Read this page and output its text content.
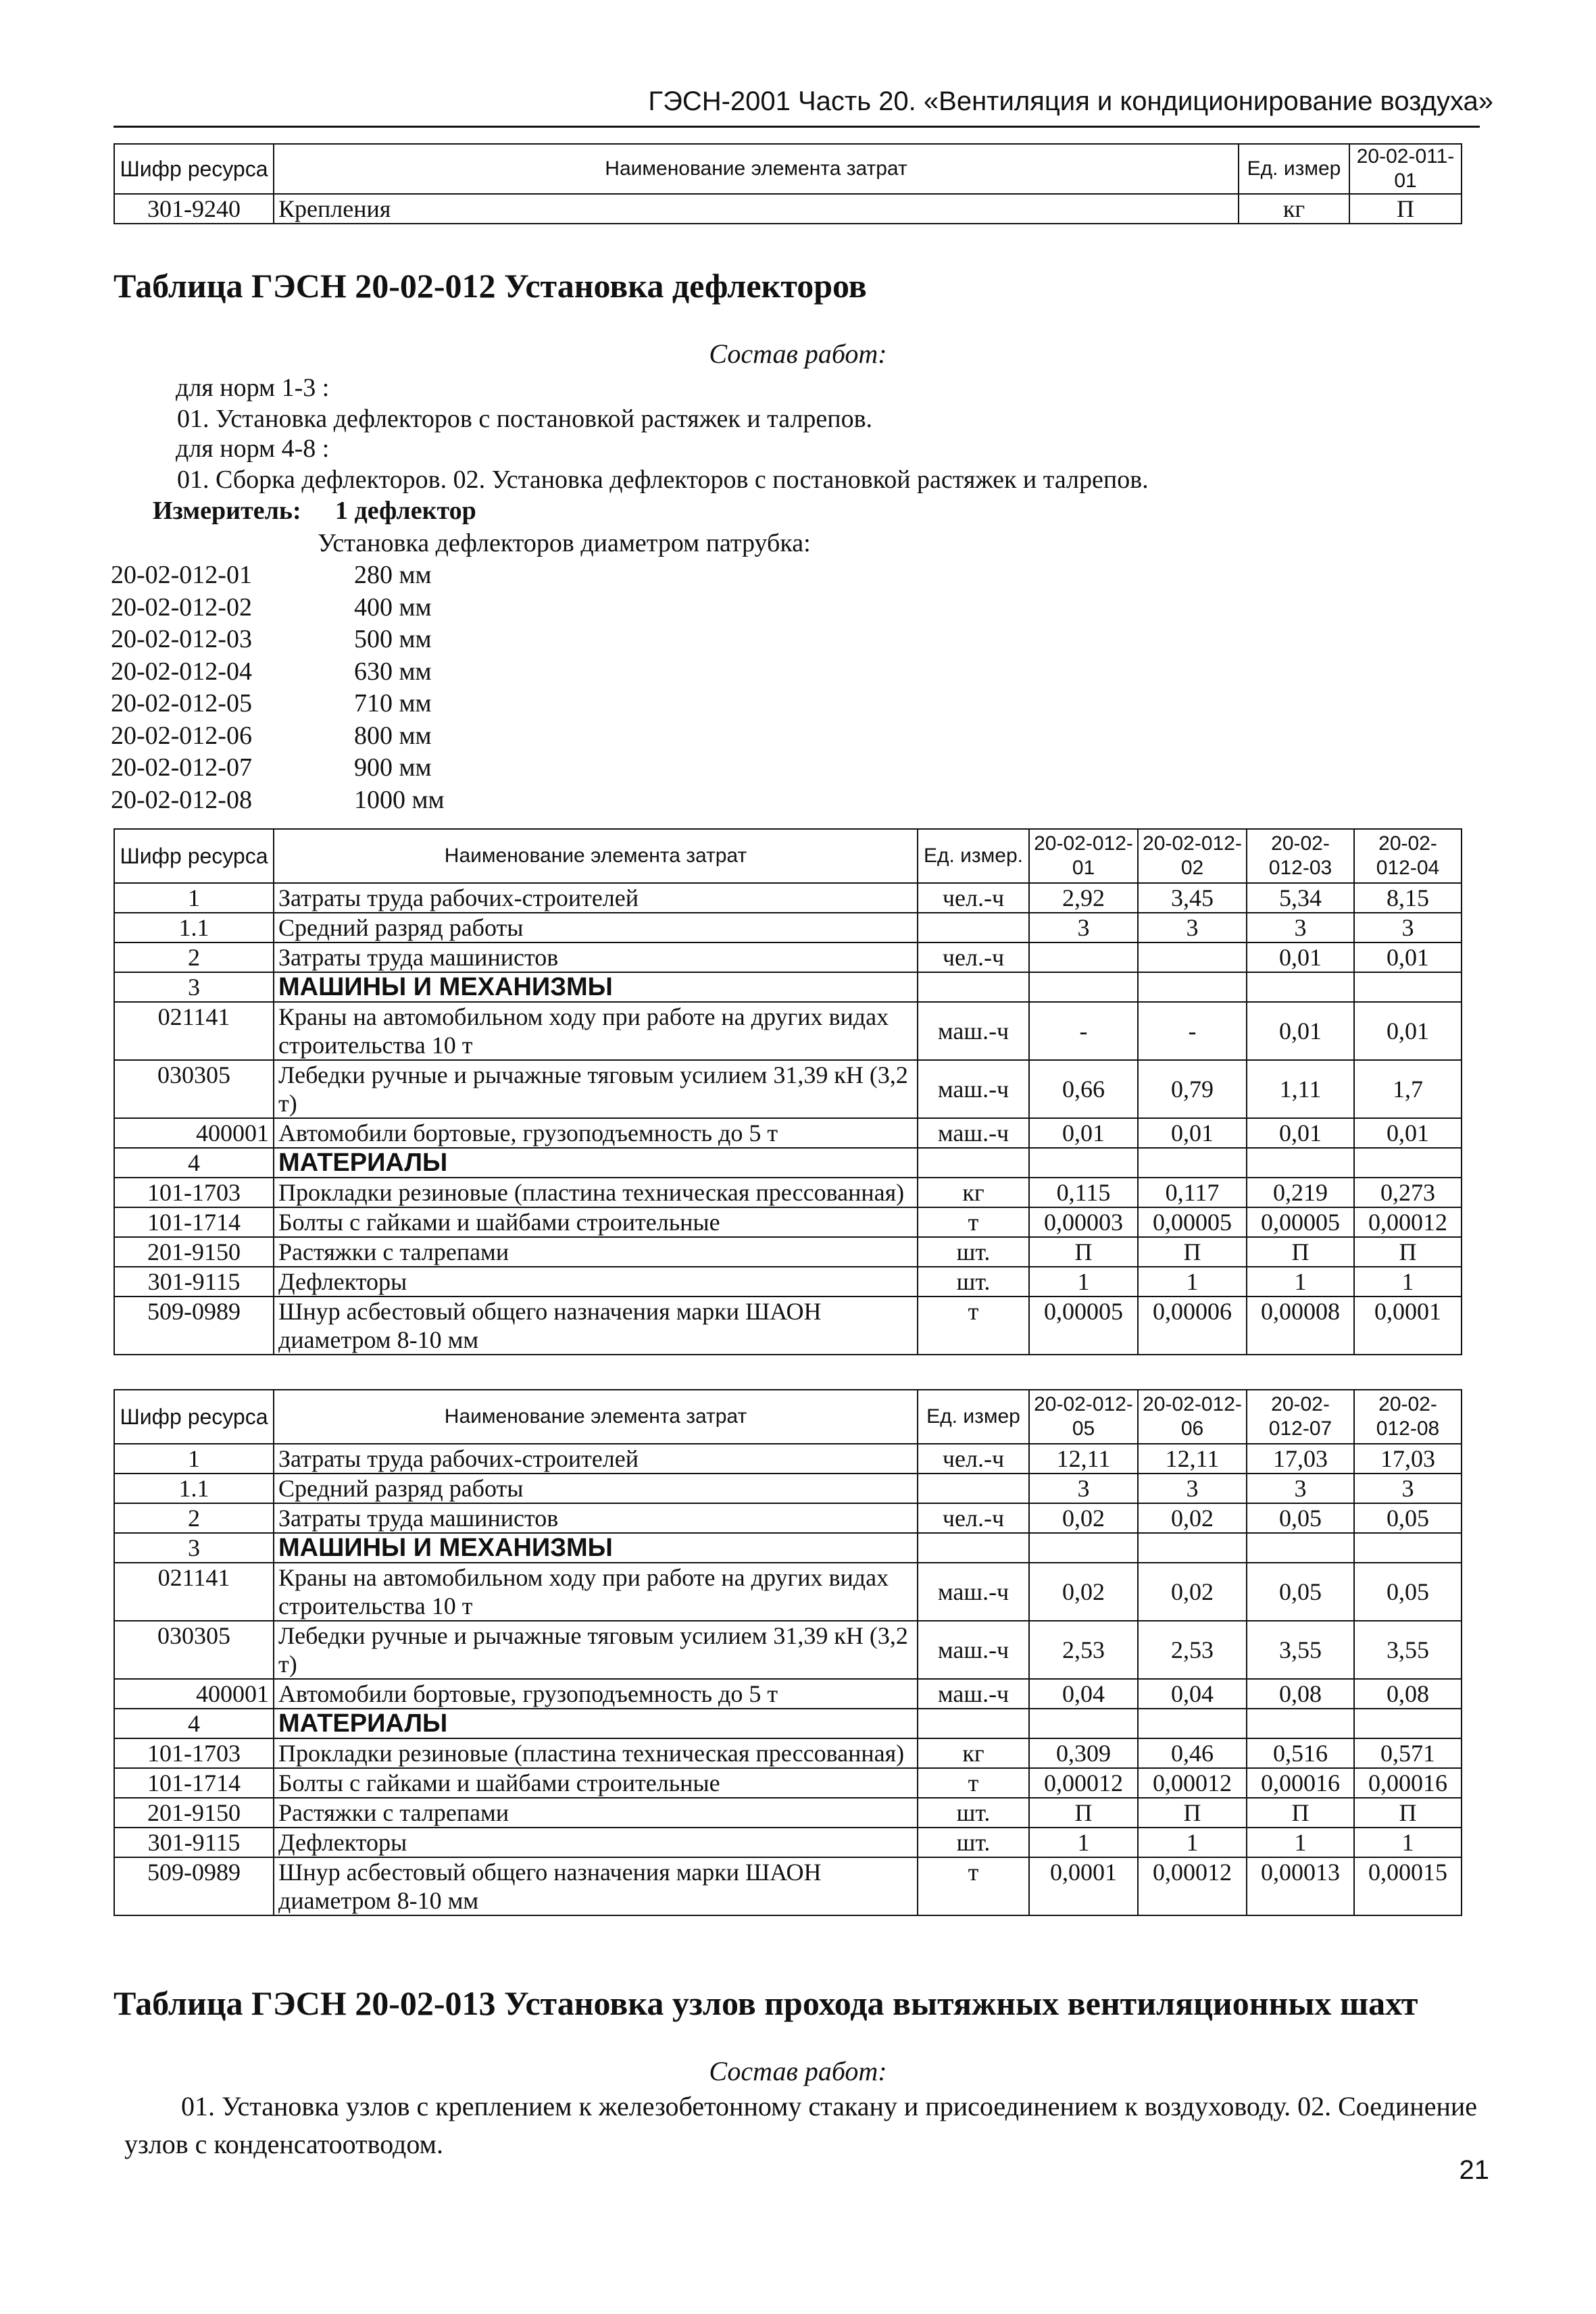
ГЭСН-2001 Часть 20. «Вентиляция и кондиционирование воздуха»
Шифр ресурса	Наименование элемента затрат	Ед. измер	20-02-011-01
301-9240	Крепления	кг	П
Таблица ГЭСН 20-02-012 Установка дефлекторов
Состав работ:
для норм 1-3 :
01. Установка дефлекторов с постановкой растяжек и талрепов.
для норм 4-8 :
01. Сборка дефлекторов. 02. Установка дефлекторов с постановкой растяжек и талрепов.
Измеритель: 1 дефлектор
Установка дефлекторов диаметром патрубка:
20-02-012-01	280 мм
20-02-012-02	400 мм
20-02-012-03	500 мм
20-02-012-04	630 мм
20-02-012-05	710 мм
20-02-012-06	800 мм
20-02-012-07	900 мм
20-02-012-08	1000 мм
Шифр ресурса	Наименование элемента затрат	Ед. измер.	20-02-012-01	20-02-012-02	20-02-012-03	20-02-012-04
1	Затраты труда рабочих-строителей	чел.-ч	2,92	3,45	5,34	8,15
1.1	Средний разряд работы		3	3	3	3
2	Затраты труда машинистов	чел.-ч			0,01	0,01
3	МАШИНЫ И МЕХАНИЗМЫ					
021141	Краны на автомобильном ходу при работе на других видах строительства 10 т	маш.-ч	-	-	0,01	0,01
030305	Лебедки ручные и рычажные тяговым усилием 31,39 кН (3,2 т)	маш.-ч	0,66	0,79	1,11	1,7
400001	Автомобили бортовые, грузоподъемность до 5 т	маш.-ч	0,01	0,01	0,01	0,01
4	МАТЕРИАЛЫ					
101-1703	Прокладки резиновые (пластина техническая прессованная)	кг	0,115	0,117	0,219	0,273
101-1714	Болты с гайками и шайбами строительные	т	0,00003	0,00005	0,00005	0,00012
201-9150	Растяжки с талрепами	шт.	П	П	П	П
301-9115	Дефлекторы	шт.	1	1	1	1
509-0989	Шнур асбестовый общего назначения марки ШАОН диаметром 8-10 мм	т	0,00005	0,00006	0,00008	0,0001
Шифр ресурса	Наименование элемента затрат	Ед. измер	20-02-012-05	20-02-012-06	20-02-012-07	20-02-012-08
1	Затраты труда рабочих-строителей	чел.-ч	12,11	12,11	17,03	17,03
1.1	Средний разряд работы		3	3	3	3
2	Затраты труда машинистов	чел.-ч	0,02	0,02	0,05	0,05
3	МАШИНЫ И МЕХАНИЗМЫ					
021141	Краны на автомобильном ходу при работе на других видах строительства 10 т	маш.-ч	0,02	0,02	0,05	0,05
030305	Лебедки ручные и рычажные тяговым усилием 31,39 кН (3,2 т)	маш.-ч	2,53	2,53	3,55	3,55
400001	Автомобили бортовые, грузоподъемность до 5 т	маш.-ч	0,04	0,04	0,08	0,08
4	МАТЕРИАЛЫ					
101-1703	Прокладки резиновые (пластина техническая прессованная)	кг	0,309	0,46	0,516	0,571
101-1714	Болты с гайками и шайбами строительные	т	0,00012	0,00012	0,00016	0,00016
201-9150	Растяжки с талрепами	шт.	П	П	П	П
301-9115	Дефлекторы	шт.	1	1	1	1
509-0989	Шнур асбестовый общего назначения марки ШАОН диаметром 8-10 мм	т	0,0001	0,00012	0,00013	0,00015
Таблица ГЭСН 20-02-013 Установка узлов прохода вытяжных вентиляционных шахт
Состав работ:
01. Установка узлов с креплением к железобетонному стакану и присоединением к воздуховоду. 02. Соединение узлов с конденсатоотводом.
21
